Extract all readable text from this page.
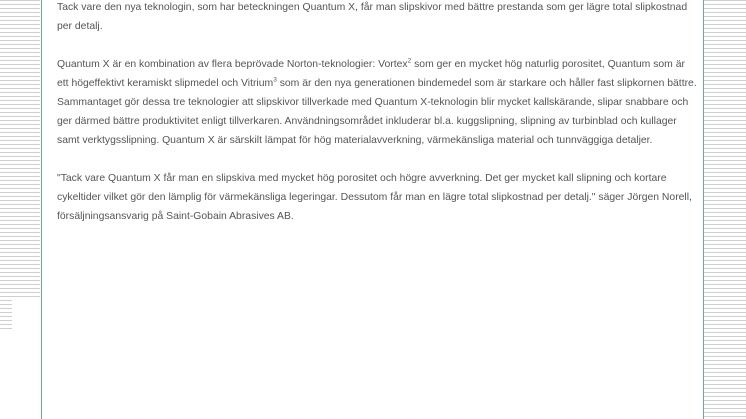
Tack vare den nya teknologin, som har beteckningen Quantum X, får man slipskivor med bättre prestanda som ger lägre total slipkostnad per detalj.

Quantum X är en kombination av flera beprövade Norton-teknologier: Vortex$^2$ som ger en mycket hög naturlig porositet, Quantum som är ett högeffektivt keramiskt slipmedel och Vitrium$^3$ som är den nya generationen bindemedel som är starkare och håller fast slipkornen bättre. Sammantaget gör dessa tre teknologier att slipskivor tillverkade med Quantum X-teknologin blir mycket kallskärande, slipar snabbare och ger därmed bättre produktivitet enligt tillverkaren. Användningsområdet inkluderar bl.a. kuggslipning, slipning av turbinblad och kullager samt verktygsslipning. Quantum X är särskilt lämpat för hög materialavverkning, värmekänsliga material och tunnväggiga detaljer.

"Tack vare Quantum X får man en slipskiva med mycket hög porositet och högre avverkning. Det ger mycket kall slipning och kortare cykeltider vilket gör den lämplig för värmekänsliga legeringar. Dessutom får man en lägre total slipkostnad per detalj." säger Jörgen Norell, försäljningsansvarig på Saint-Gobain Abrasives AB.
